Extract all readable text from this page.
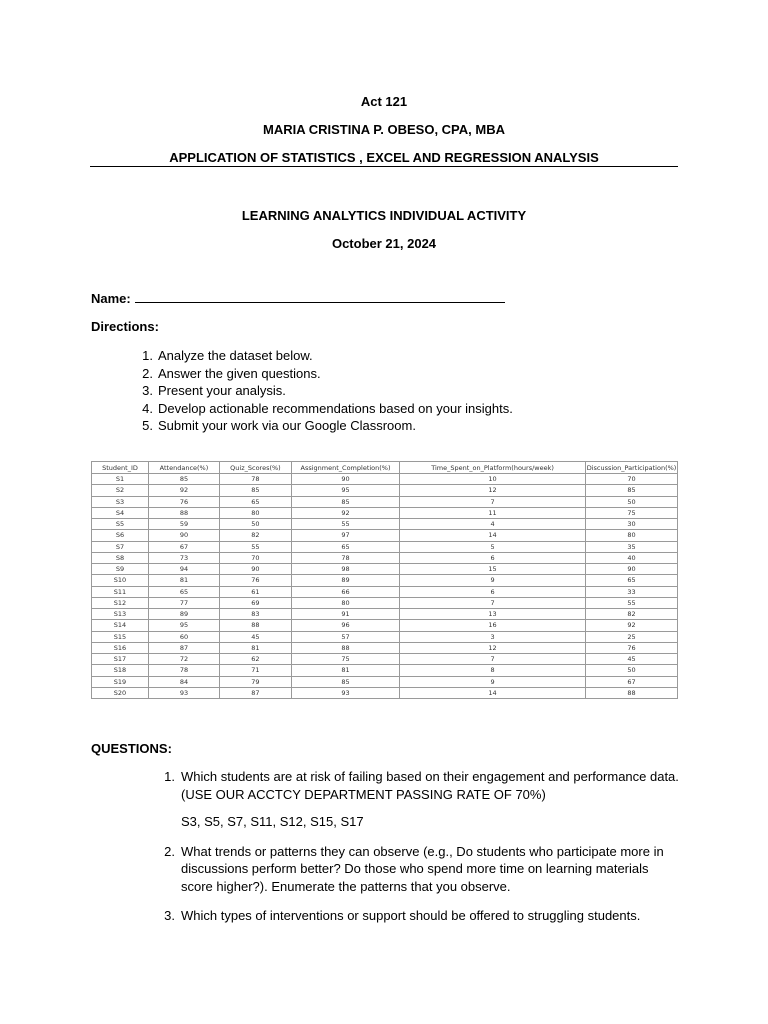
Act 121
MARIA CRISTINA P. OBESO, CPA, MBA
APPLICATION OF STATISTICS , EXCEL AND REGRESSION ANALYSIS
LEARNING ANALYTICS INDIVIDUAL ACTIVITY
October 21, 2024
Name:
Directions:
1. Analyze the dataset below.
2. Answer the given questions.
3. Present your analysis.
4. Develop actionable recommendations based on your insights.
5. Submit your work via our Google Classroom.
Student_ID	Attendance(%)	Quiz_Scores(%)	Assignment_Completion(%)	Time_Spent_on_Platform(hours/week)	Discussion_Participation(%)
S1	85	78	90	10	70
S2	92	85	95	12	85
S3	76	65	85	7	50
S4	88	80	92	11	75
S5	59	50	55	4	30
S6	90	82	97	14	80
S7	67	55	65	5	35
S8	73	70	78	6	40
S9	94	90	98	15	90
S10	81	76	89	9	65
S11	65	61	66	6	33
S12	77	69	80	7	55
S13	89	83	91	13	82
S14	95	88	96	16	92
S15	60	45	57	3	25
S16	87	81	88	12	76
S17	72	62	75	7	45
S18	78	71	81	8	50
S19	84	79	85	9	67
S20	93	87	93	14	88
QUESTIONS:
1. Which students are at risk of failing based on their engagement and performance data. (USE OUR ACCTCY DEPARTMENT PASSING RATE OF 70%)
S3, S5, S7, S11, S12, S15, S17
2. What trends or patterns they can observe (e.g., Do students who participate more in discussions perform better? Do those who spend more time on learning materials score higher?). Enumerate the patterns that you observe.
3. Which types of interventions or support should be offered to struggling students.
